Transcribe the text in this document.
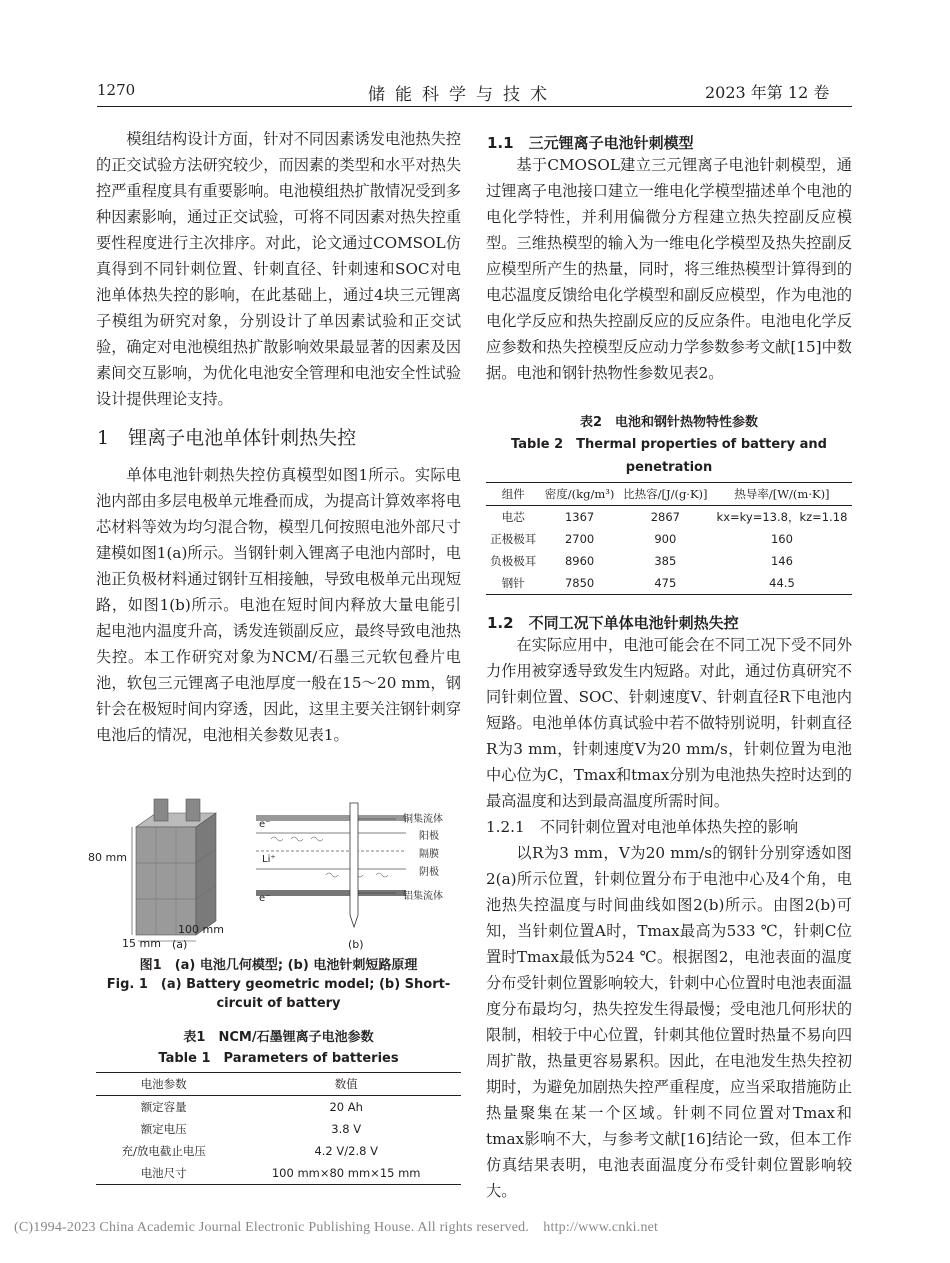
1270	储能科学与技术	2023 年第 12 卷
模组结构设计方面，针对不同因素诱发电池热失控的正交试验方法研究较少，而因素的类型和水平对热失控严重程度具有重要影响。电池模组热扩散情况受到多种因素影响，通过正交试验，可将不同因素对热失控重要性程度进行主次排序。对此，论文通过COMSOL仿真得到不同针刺位置、针刺直径、针刺速和SOC对电池单体热失控的影响，在此基础上，通过4块三元锂离子模组为研究对象，分别设计了单因素试验和正交试验，确定对电池模组热扩散影响效果最显著的因素及因素间交互影响，为优化电池安全管理和电池安全性试验设计提供理论支持。
1　锂离子电池单体针刺热失控
单体电池针刺热失控仿真模型如图1所示。实际电池内部由多层电极单元堆叠而成，为提高计算效率将电芯材料等效为均匀混合物，模型几何按照电池外部尺寸建模如图1(a)所示。当钢针刺入锂离子电池内部时，电池正负极材料通过钢针互相接触，导致电极单元出现短路，如图1(b)所示。电池在短时间内释放大量电能引起电池内温度升高，诱发连锁副反应，最终导致电池热失控。本工作研究对象为NCM/石墨三元软包叠片电池，软包三元锂离子电池厚度一般在15～20 mm，钢针会在极短时间内穿透，因此，这里主要关注钢针刺穿电池后的情况，电池相关参数见表1。
80 mm
100 mm
15 mm (a)	(b)
e⁻
e⁻
Li⁺
铜集流体
阳极
隔膜
阴极
铝集流体
图1　(a) 电池几何模型; (b) 电池针刺短路原理
Fig. 1　(a) Battery geometric model; (b) Short-circuit of battery
表1　NCM/石墨锂离子电池参数
Table 1　Parameters of batteries
电池参数	数值
额定容量	20 Ah
额定电压	3.8 V
充/放电截止电压	4.2 V/2.8 V
电池尺寸	100 mm×80 mm×15 mm
1.1　三元锂离子电池针刺模型
基于CMOSOL建立三元锂离子电池针刺模型，通过锂离子电池接口建立一维电化学模型描述单个电池的电化学特性，并利用偏微分方程建立热失控副反应模型。三维热模型的输入为一维电化学模型及热失控副反应模型所产生的热量，同时，将三维热模型计算得到的电芯温度反馈给电化学模型和副反应模型，作为电池的电化学反应和热失控副反应的反应条件。电池电化学反应参数和热失控模型反应动力学参数参考文献[15]中数据。电池和钢针热物性参数见表2。
表2　电池和钢针热物特性参数
Table 2　Thermal properties of battery and
penetration
组件	密度/(kg/m³)	比热容/[J/(g·K)]	热导率/[W/(m·K)]
电芯	1367	2867	kx=ky=13.8，kz=1.18
正极极耳	2700	900	160
负极极耳	8960	385	146
钢针	7850	475	44.5
1.2　不同工况下单体电池针刺热失控
在实际应用中，电池可能会在不同工况下受不同外力作用被穿透导致发生内短路。对此，通过仿真研究不同针刺位置、SOC、针刺速度V、针刺直径R下电池内短路。电池单体仿真试验中若不做特别说明，针刺直径R为3 mm，针刺速度V为20 mm/s，针刺位置为电池中心位为C，Tmax和tmax分别为电池热失控时达到的最高温度和达到最高温度所需时间。
1.2.1　不同针刺位置对电池单体热失控的影响
以R为3 mm，V为20 mm/s的钢针分别穿透如图2(a)所示位置，针刺位置分布于电池中心及4个角，电池热失控温度与时间曲线如图2(b)所示。由图2(b)可知，当针刺位置A时，Tmax最高为533 ℃，针刺C位置时Tmax最低为524 ℃。根据图2，电池表面的温度分布受针刺位置影响较大，针刺中心位置时电池表面温度分布最均匀，热失控发生得最慢；受电池几何形状的限制，相较于中心位置，针刺其他位置时热量不易向四周扩散，热量更容易累积。因此，在电池发生热失控初期时，为避免加剧热失控严重程度，应当采取措施防止热量聚集在某一个区域。针刺不同位置对Tmax和tmax影响不大，与参考文献[16]结论一致，但本工作仿真结果表明，电池表面温度分布受针刺位置影响较大。
(C)1994-2023 China Academic Journal Electronic Publishing House. All rights reserved.　http://www.cnki.net
